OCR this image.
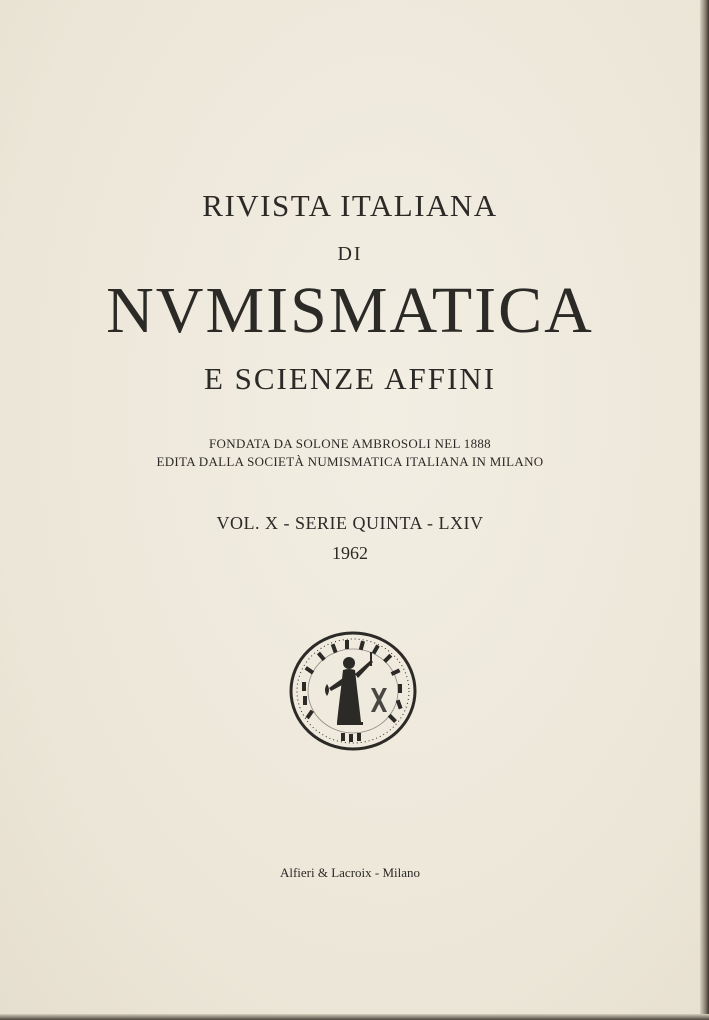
RIVISTA ITALIANA
DI
NVMISMATICA
E SCIENZE AFFINI
FONDATA DA SOLONE AMBROSOLI NEL 1888
EDITA DALLA SOCIETÀ NUMISMATICA ITALIANA IN MILANO
VOL. X - SERIE QUINTA - LXIV
1962
Alfieri & Lacroix - Milano
